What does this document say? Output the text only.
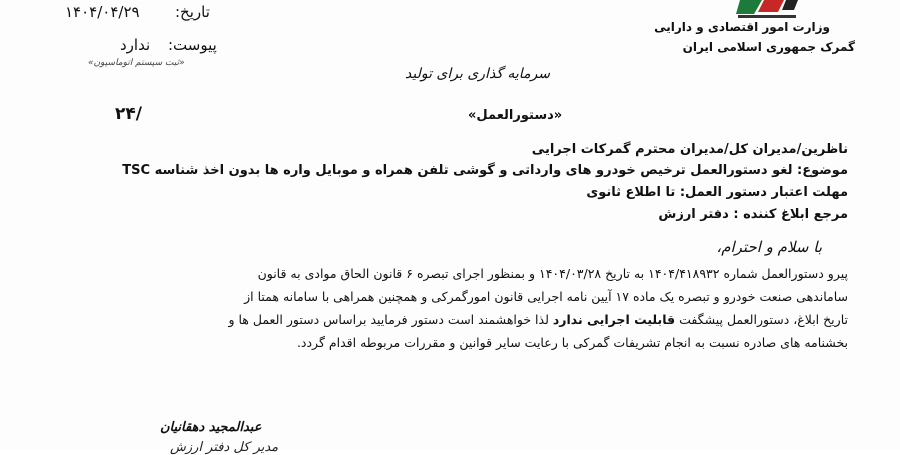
وزارت امور اقتصادی و دارایی
گمرک جمهوری اسلامی ایران
تاریخ:
۱۴۰۴/۰۴/۲۹
پیوست:
ندارد
«ثبت سیستم اتوماسیون»
سرمایه گذاری برای تولید
«دستورالعمل»
۲۴/
ناظرین/مدیران کل/مدیران محترم گمرکات اجرایی
موضوع: لغو دستورالعمل ترخیص خودرو های وارداتی و گوشی تلفن همراه و موبایل واره ها بدون اخذ شناسه TSC
مهلت اعتبار دستور العمل: تا اطلاع ثانوی
مرجع ابلاغ کننده : دفتر ارزش
با سلام و احترام،
پیرو دستورالعمل شماره ۱۴۰۴/۴۱۸۹۳۲ به تاریخ ۱۴۰۴/۰۳/۲۸ و بمنظور اجرای تبصره ۶ قانون الحاق موادی به قانون
ساماندهی صنعت خودرو و تبصره یک ماده ۱۷ آیین نامه اجرایی قانون امورگمرکی و همچنین همراهی با سامانه همتا از
تاریخ ابلاغ، دستورالعمل پیشگفت قابلیت اجرایی ندارد لذا خواهشمند است دستور فرمایید براساس دستور العمل ها و
بخشنامه های صادره نسبت به انجام تشریفات گمرکی با رعایت سایر قوانین و مقررات مربوطه اقدام گردد.
عبدالمجید دهقانیان
مدیر کل دفتر ارزش
